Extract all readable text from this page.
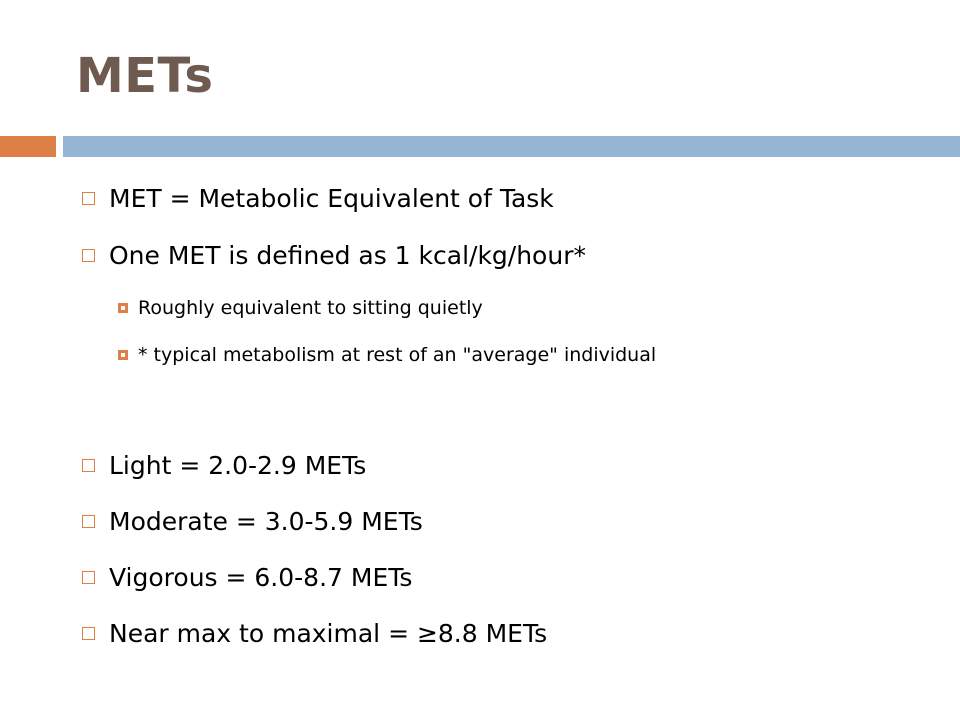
METs
MET = Metabolic Equivalent of Task
One MET is defined as 1 kcal/kg/hour*
Roughly equivalent to sitting quietly
* typical metabolism at rest of an "average" individual
Light = 2.0-2.9 METs
Moderate = 3.0-5.9 METs
Vigorous = 6.0-8.7 METs
Near max to maximal = ≥8.8 METs
